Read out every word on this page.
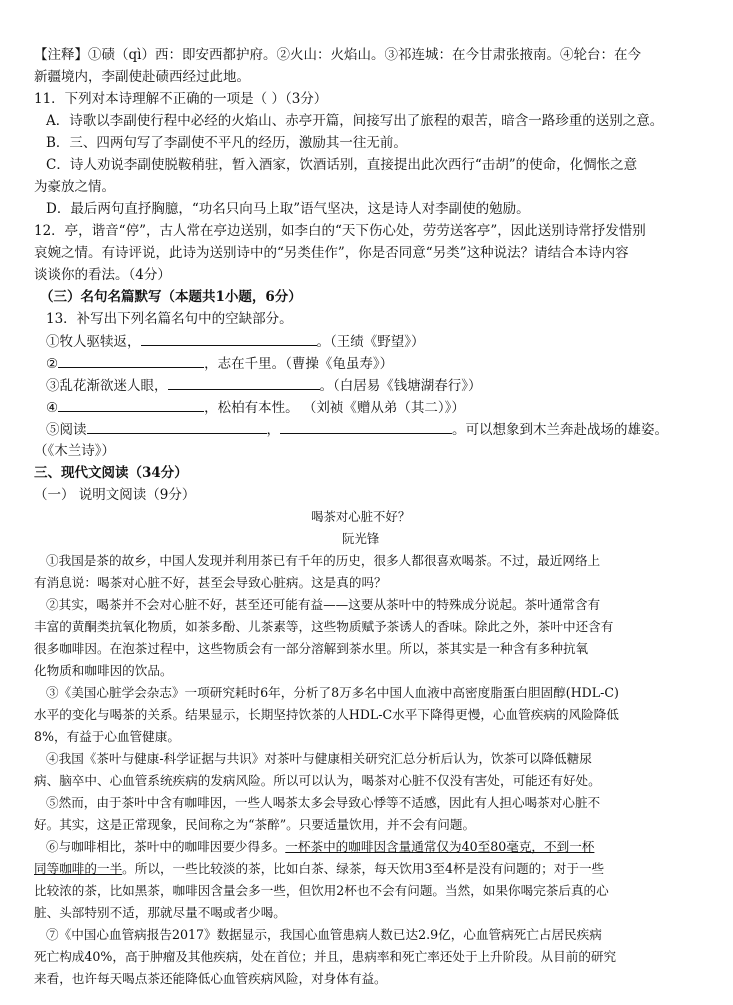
【注释】①碛（qì）西：即安西都护府。②火山：火焰山。③祁连城：在今甘肃张掖南。④轮台：在今
新疆境内，李副使赴碛西经过此地。
11．下列对本诗理解不正确的一项是（ ）（3分）
A．诗歌以李副使行程中必经的火焰山、赤亭开篇，间接写出了旅程的艰苦，暗含一路珍重的送别之意。
B．三、四两句写了李副使不平凡的经历，激励其一往无前。
C．诗人劝说李副使脱鞍稍驻，暂入酒家，饮酒话别，直接提出此次西行“击胡”的使命，化惆怅之意
为豪放之情。
D．最后两句直抒胸臆，“功名只向马上取”语气坚决，这是诗人对李副使的勉励。
12．亭，谐音“停”，古人常在亭边送别，如李白的“天下伤心处，劳劳送客亭”，因此送别诗常抒发惜别
哀婉之情。有诗评说，此诗为送别诗中的“另类佳作”，你是否同意“另类”这种说法？请结合本诗内容
谈谈你的看法。（4分）
（三）名句名篇默写（本题共1小题，6分）
13．补写出下列名篇名句中的空缺部分。
①牧人驱犊返，	。（王绩《野望》）
②	，志在千里。（曹操《龟虽寿》）
③乱花渐欲迷人眼，	。（白居易《钱塘湖春行》）
④	，松柏有本性。 （刘祯《赠从弟（其二）》）
⑤阅读	，	。可以想象到木兰奔赴战场的雄姿。
（《木兰诗》）
三、现代文阅读（34分）
（一） 说明文阅读（9分）
喝茶对心脏不好？
阮光锋
①我国是茶的故乡，中国人发现并利用茶已有千年的历史，很多人都很喜欢喝茶。不过，最近网络上
有消息说：喝茶对心脏不好，甚至会导致心脏病。这是真的吗？
②其实，喝茶并不会对心脏不好，甚至还可能有益——这要从茶叶中的特殊成分说起。茶叶通常含有
丰富的黄酮类抗氧化物质，如茶多酚、儿茶素等，这些物质赋予茶诱人的香味。除此之外，茶叶中还含有
很多咖啡因。在泡茶过程中，这些物质会有一部分溶解到茶水里。所以，茶其实是一种含有多种抗氧
化物质和咖啡因的饮品。
③《美国心脏学会杂志》一项研究耗时6年，分析了8万多名中国人血液中高密度脂蛋白胆固醇(HDL-C)
水平的变化与喝茶的关系。结果显示，长期坚持饮茶的人HDL-C水平下降得更慢，心血管疾病的风险降低
8%，有益于心血管健康。
④我国《茶叶与健康-科学证据与共识》对茶叶与健康相关研究汇总分析后认为，饮茶可以降低糖尿
病、脑卒中、心血管系统疾病的发病风险。所以可以认为，喝茶对心脏不仅没有害处，可能还有好处。
⑤然而，由于茶叶中含有咖啡因，一些人喝茶太多会导致心悸等不适感，因此有人担心喝茶对心脏不
好。其实，这是正常现象，民间称之为“茶醉”。只要适量饮用，并不会有问题。
⑥与咖啡相比，茶叶中的咖啡因要少得多。一杯茶中的咖啡因含量通常仅为40至80毫克，不到一杯
同等咖啡的一半。所以，一些比较淡的茶，比如白茶、绿茶，每天饮用3至4杯是没有问题的；对于一些
比较浓的茶，比如黑茶，咖啡因含量会多一些，但饮用2杯也不会有问题。当然，如果你喝完茶后真的心
脏、头部特别不适，那就尽量不喝或者少喝。
⑦《中国心血管病报告2017》数据显示，我国心血管患病人数已达2.9亿，心血管病死亡占居民疾病
死亡构成40%，高于肿瘤及其他疾病，处在首位；并且，患病率和死亡率还处于上升阶段。从目前的研究
来看，也许每天喝点茶还能降低心血管疾病风险，对身体有益。
